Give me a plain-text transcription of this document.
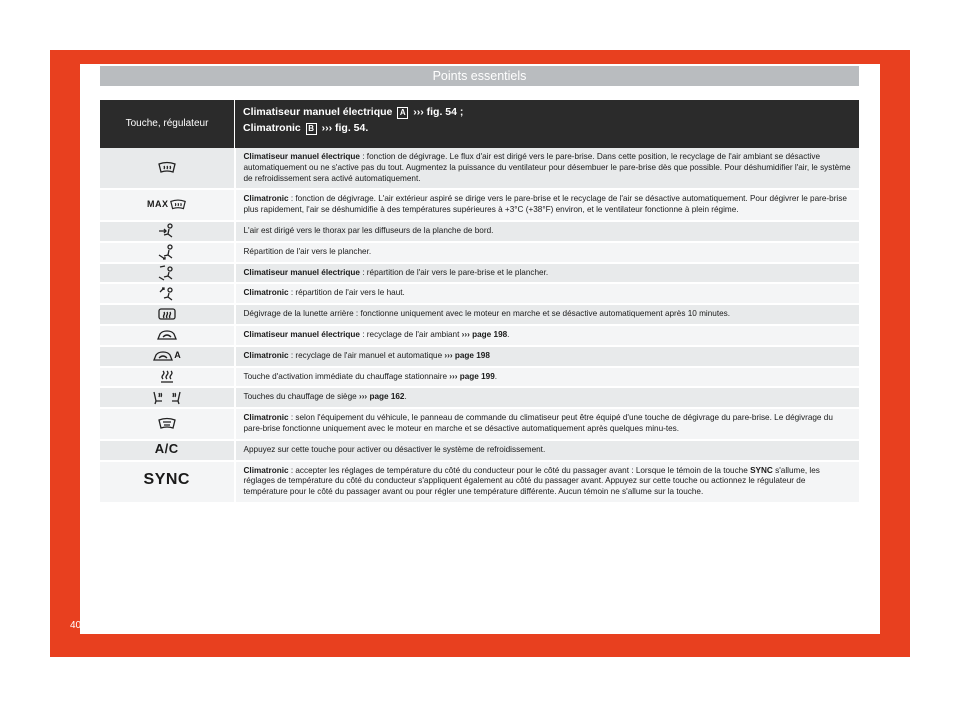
Points essentiels
Touche, régulateur	Climatiseur manuel électrique A ››› fig. 54 ;
Climatronic B ››› fig. 54.

	Climatiseur manuel électrique : fonction de dégivrage. Le flux d'air est dirigé vers le pare-brise. Dans cette position, le recyclage de l'air ambiant se désactive automatiquement ou ne s'active pas du tout. Augmentez la puissance du ventilateur pour désembuer le pare-brise dès que possible. Pour déshumidifier l'air, le système de refroidissement sera activé automatiquement.
MAX	Climatronic : fonction de dégivrage. L'air extérieur aspiré se dirige vers le pare-brise et le recyclage de l'air se désactive automatiquement. Pour dégivrer le pare-brise plus rapidement, l'air se déshumidifie à des températures supérieures à +3°C (+38°F) environ, et le ventilateur fonctionne à plein régime.
	L'air est dirigé vers le thorax par les diffuseurs de la planche de bord.
	Répartition de l'air vers le plancher.
	Climatiseur manuel électrique : répartition de l'air vers le pare-brise et le plancher.
	Climatronic : répartition de l'air vers le haut.
	Dégivrage de la lunette arrière : fonctionne uniquement avec le moteur en marche et se désactive automatiquement après 10 minutes.
	Climatiseur manuel électrique : recyclage de l'air ambiant ››› page 198.
A	Climatronic : recyclage de l'air manuel et automatique ››› page 198
	Touche d'activation immédiate du chauffage stationnaire ››› page 199.
	Touches du chauffage de siège ››› page 162.
	Climatronic : selon l'équipement du véhicule, le panneau de commande du climatiseur peut être équipé d'une touche de dégivrage du pare-brise. Le dégivrage du pare-brise fonctionne uniquement avec le moteur en marche et se désactive automatiquement après quelques minu-tes.
A/C	Appuyez sur cette touche pour activer ou désactiver le système de refroidissement.
SYNC	Climatronic : accepter les réglages de température du côté du conducteur pour le côté du passager avant : Lorsque le témoin de la touche SYNC s'allume, les réglages de température du côté du conducteur s'appliquent également au côté du passager avant. Appuyez sur cette touche ou actionnez le régulateur de température pour le côté du passager avant ou pour régler une température différente. Aucun témoin ne s'allume sur la touche.
40
